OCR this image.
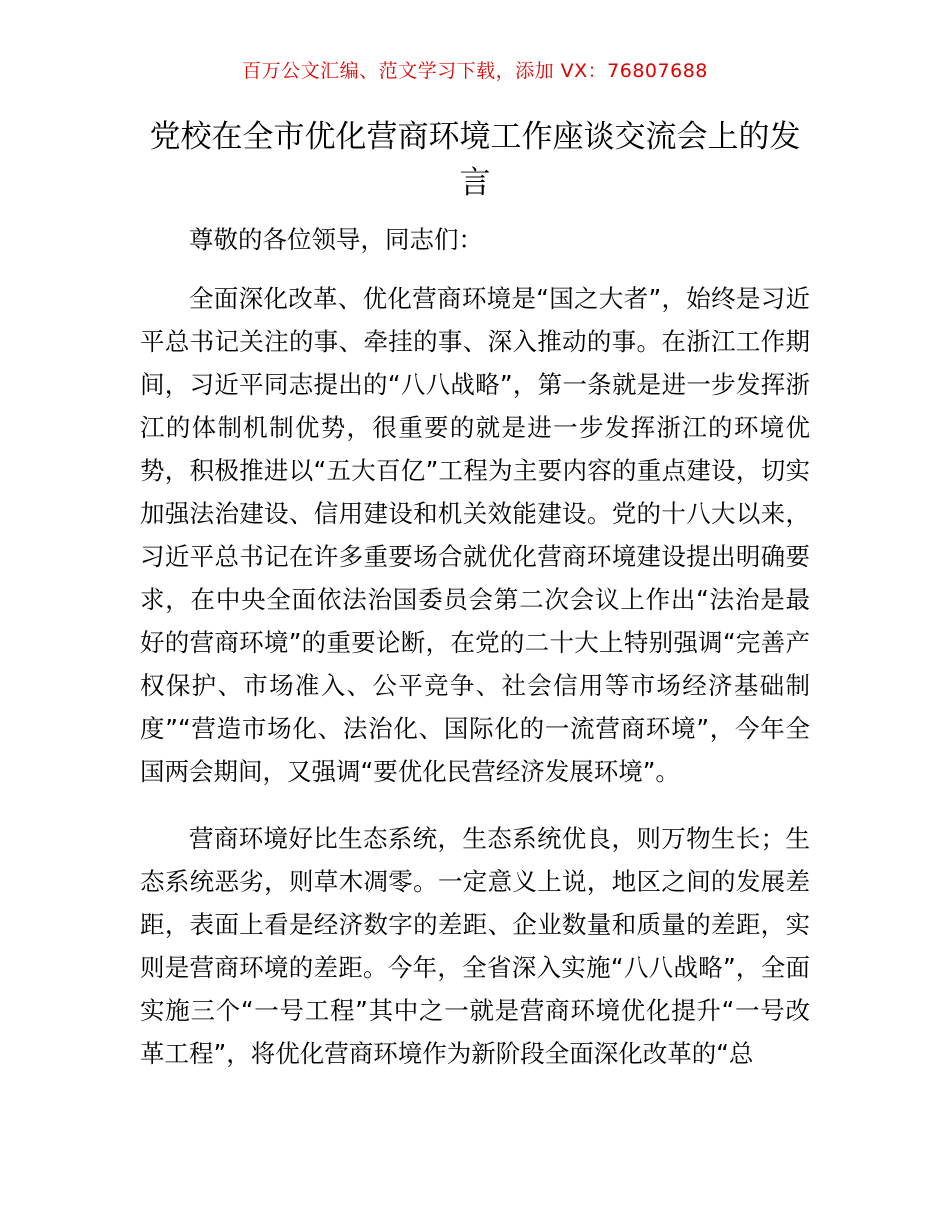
百万公文汇编、范文学习下载，添加 VX：76807688
党校在全市优化营商环境工作座谈交流会上的发言

尊敬的各位领导，同志们：

全面深化改革、优化营商环境是“国之大者”，始终是习近平总书记关注的事、牵挂的事、深入推动的事。在浙江工作期间，习近平同志提出的“八八战略”，第一条就是进一步发挥浙江的体制机制优势，很重要的就是进一步发挥浙江的环境优势，积极推进以“五大百亿”工程为主要内容的重点建设，切实加强法治建设、信用建设和机关效能建设。党的十八大以来，习近平总书记在许多重要场合就优化营商环境建设提出明确要求，在中央全面依法治国委员会第二次会议上作出“法治是最好的营商环境”的重要论断，在党的二十大上特别强调“完善产权保护、市场准入、公平竞争、社会信用等市场经济基础制度”“营造市场化、法治化、国际化的一流营商环境”，今年全国两会期间，又强调“要优化民营经济发展环境”。

营商环境好比生态系统，生态系统优良，则万物生长；生态系统恶劣，则草木凋零。一定意义上说，地区之间的发展差距，表面上看是经济数字的差距、企业数量和质量的差距，实则是营商环境的差距。今年，全省深入实施“八八战略”，全面实施三个“一号工程”其中之一就是营商环境优化提升“一号改革工程”，将优化营商环境作为新阶段全面深化改革的“总
